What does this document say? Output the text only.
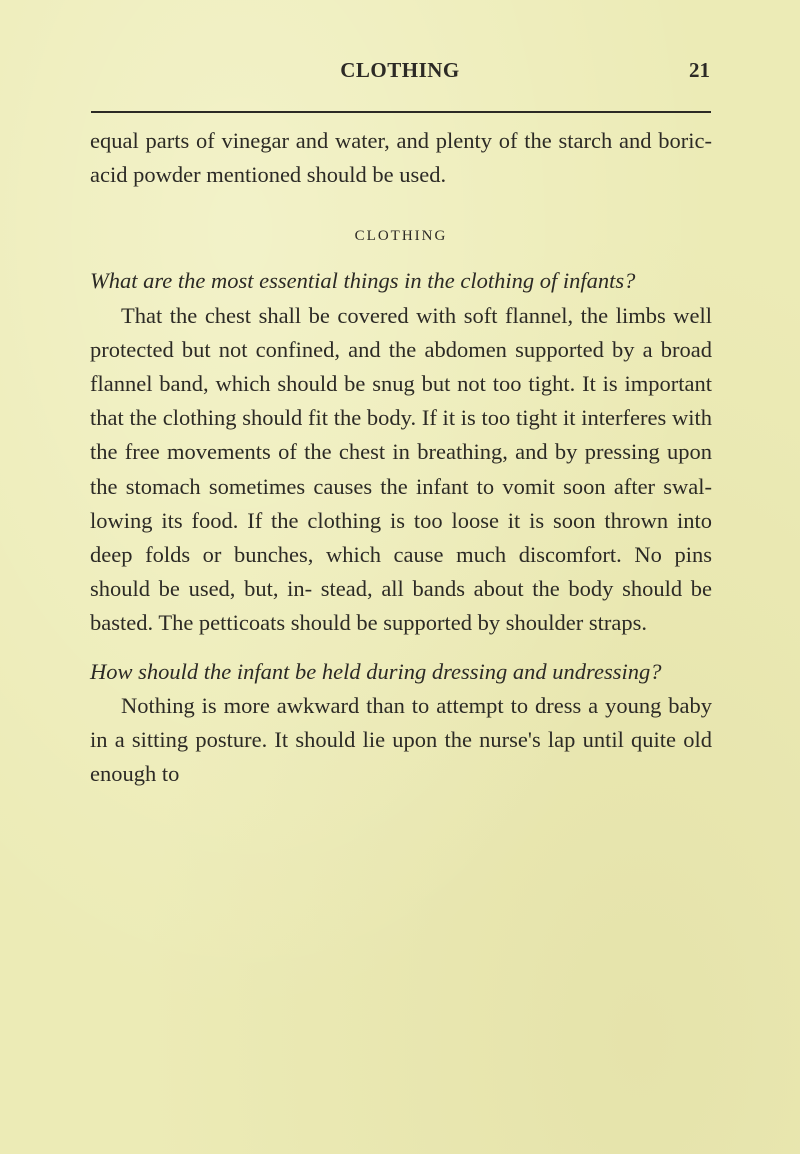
CLOTHING	21

equal parts of vinegar and water, and plenty of the starch and boric-acid powder mentioned should be used.

CLOTHING

What are the most essential things in the clothing of infants?

That the chest shall be covered with soft flannel, the limbs well protected but not confined, and the abdomen supported by a broad flannel band, which should be snug but not too tight. It is important that the clothing should fit the body. If it is too tight it interferes with the free movements of the chest in breathing, and by pressing upon the stomach sometimes causes the infant to vomit soon after swal- lowing its food. If the clothing is too loose it is soon thrown into deep folds or bunches, which cause much discomfort. No pins should be used, but, in- stead, all bands about the body should be basted. The petticoats should be supported by shoulder straps.

How should the infant be held during dressing and undressing?

Nothing is more awkward than to attempt to dress a young baby in a sitting posture. It should lie upon the nurse's lap until quite old enough to
